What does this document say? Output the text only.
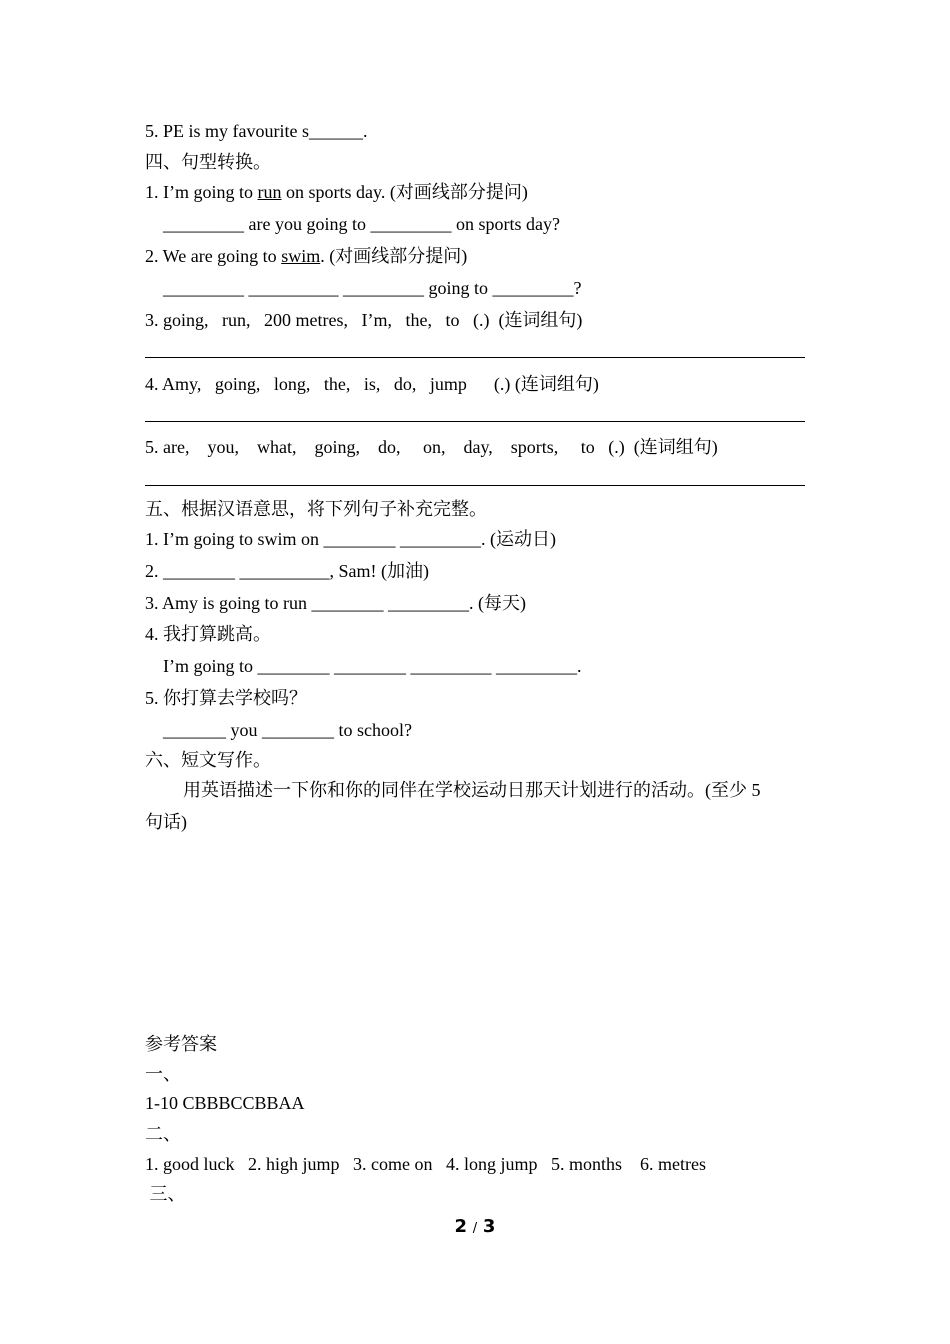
5. PE is my favourite s______.
四、句型转换。
1. I’m going to run on sports day. (对画线部分提问)
_________ are you going to _________ on sports day?
2. We are going to swim. (对画线部分提问)
_________ __________ _________ going to _________?
3. going,   run,   200 metres,   I’m,   the,   to   (.)  (连词组句)
4. Amy,   going,   long,   the,   is,   do,   jump      (.) (连词组句)
5. are,    you,    what,    going,    do,     on,    day,    sports,     to   (.)  (连词组句)
五、根据汉语意思，将下列句子补充完整。
1. I’m going to swim on ________ _________. (运动日)
2. ________ __________, Sam! (加油)
3. Amy is going to run ________ _________. (每天)
4. 我打算跳高。
I’m going to ________ ________ _________ _________.
5. 你打算去学校吗？
_______ you ________ to school?
六、短文写作。
用英语描述一下你和你的同伴在学校运动日那天计划进行的活动。(至少 5
句话)
参考答案
一、
1-10 CBBBCCBBAA
二、
1. good luck   2. high jump   3. come on   4. long jump   5. months    6. metres
三、
2 / 3
